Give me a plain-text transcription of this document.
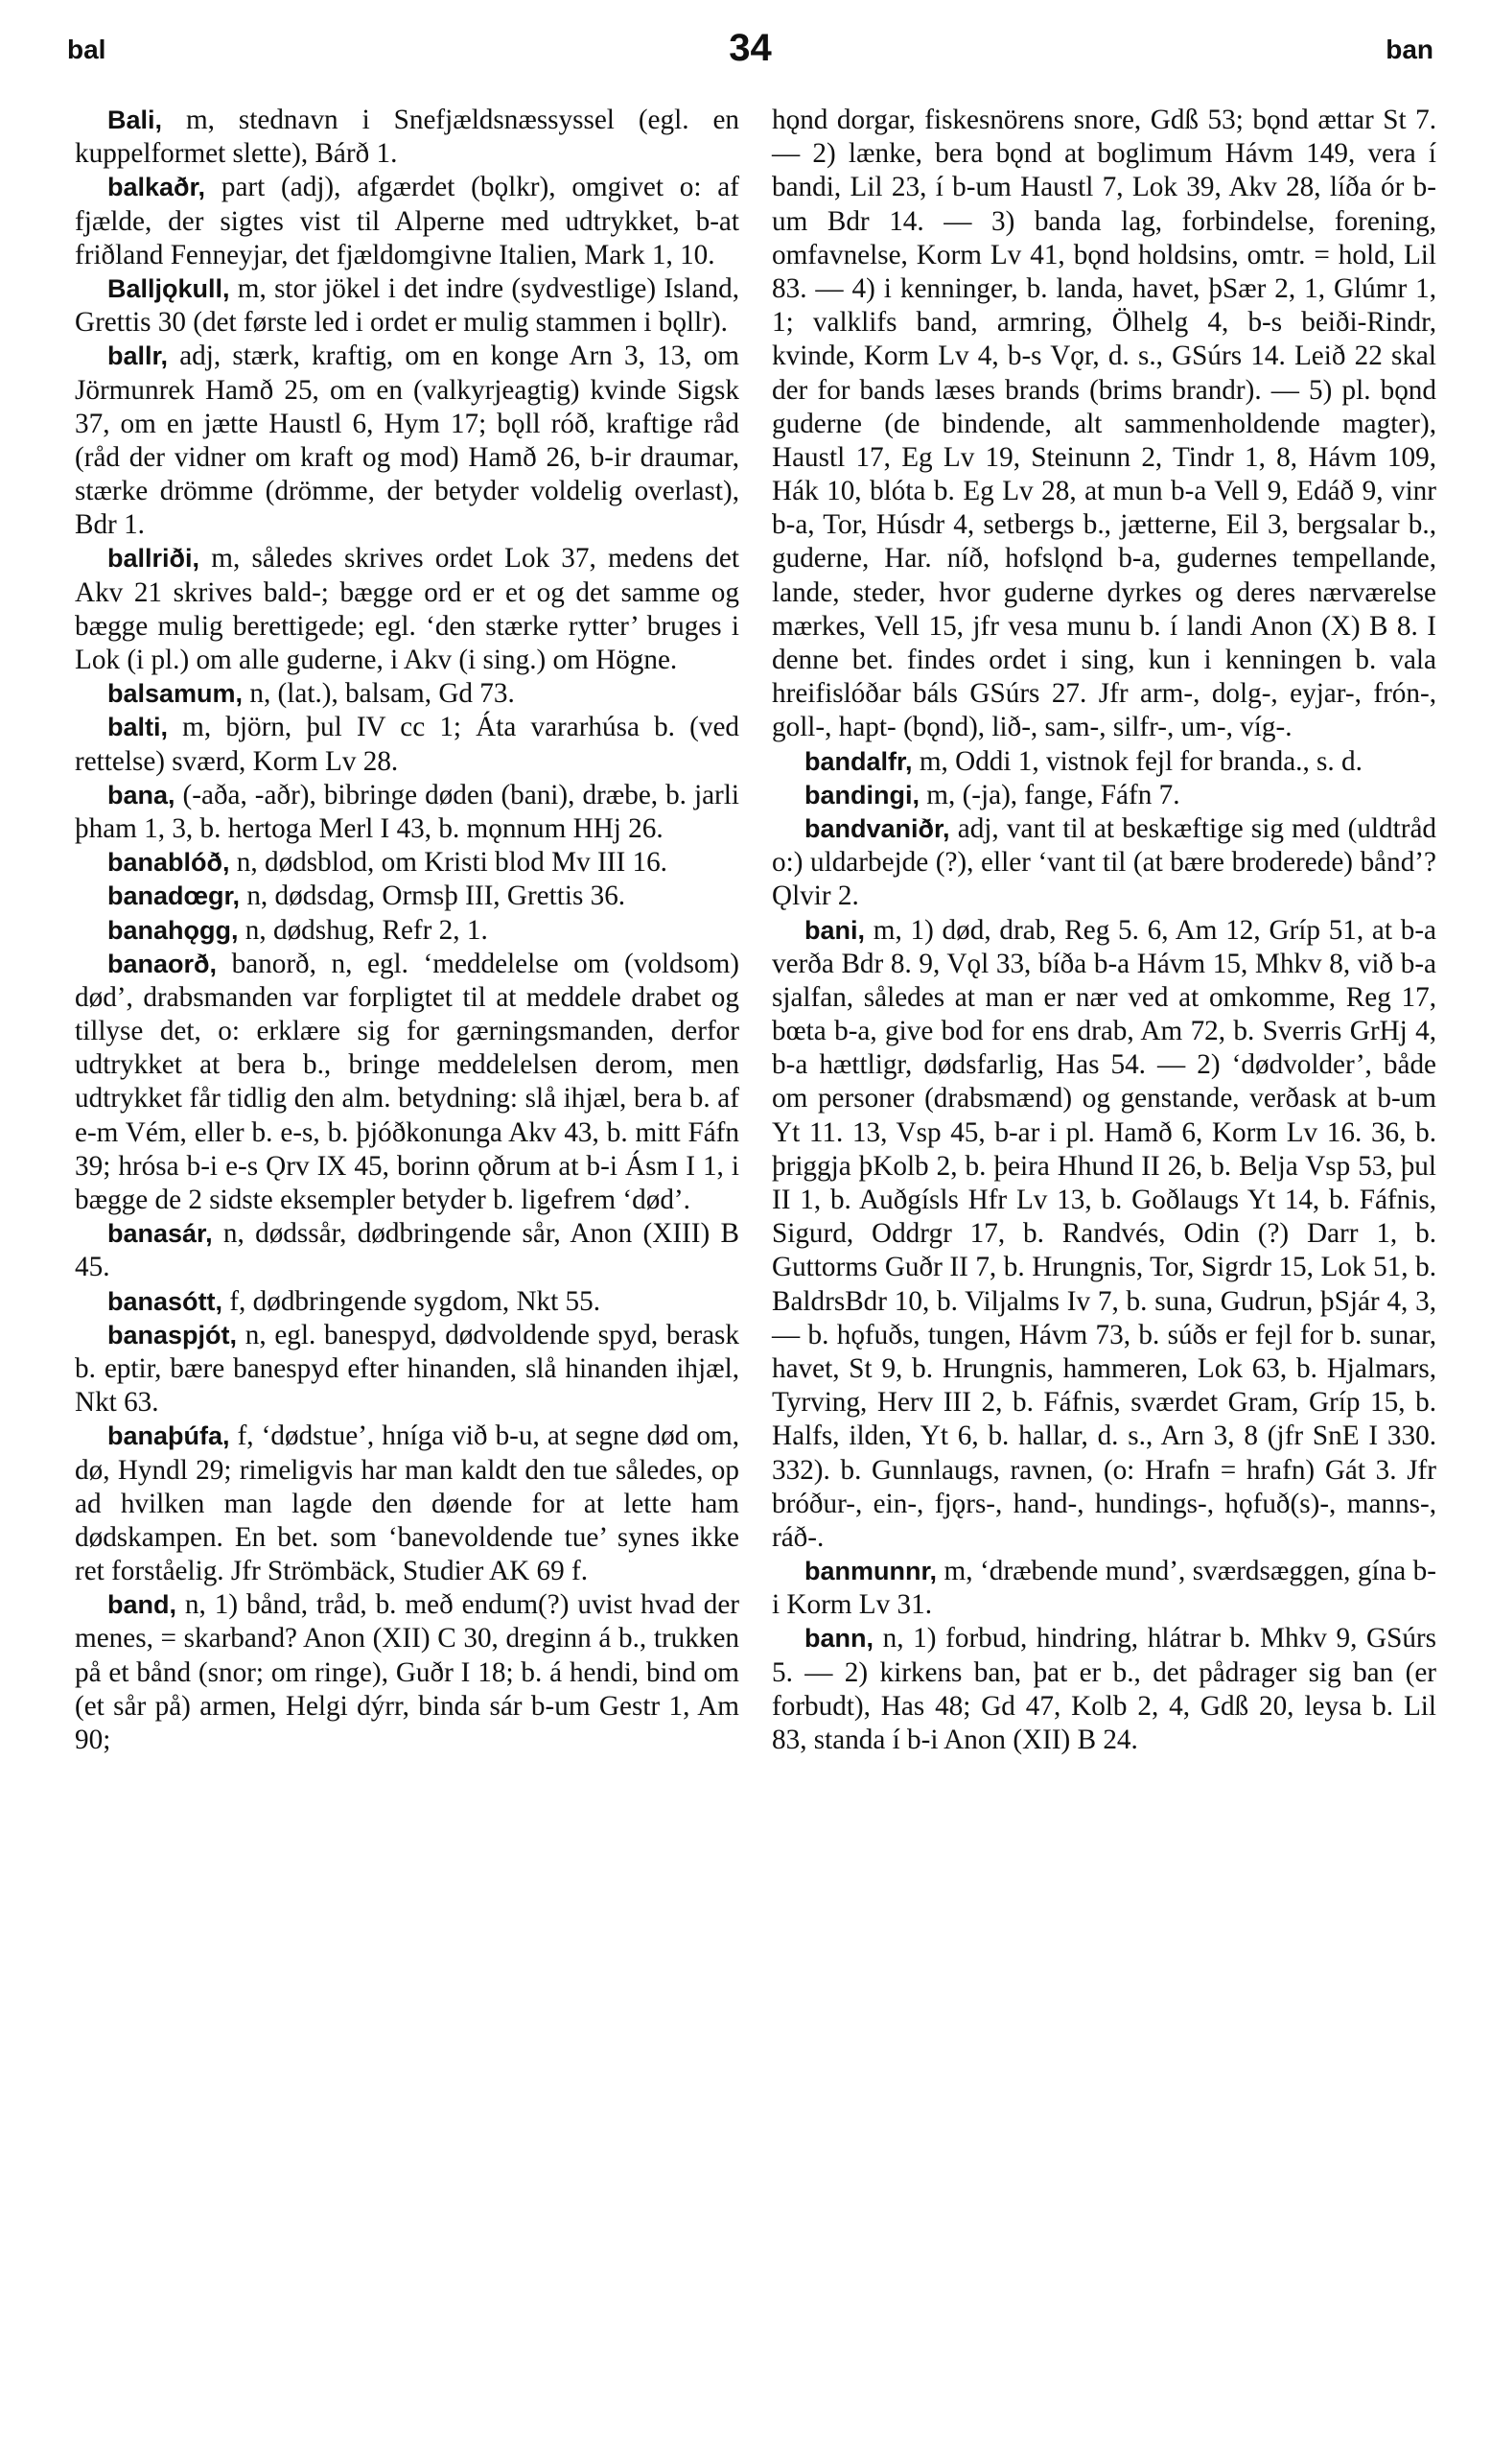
bal	34	ban

Bali, m, stednavn i Snefjældsnæssyssel (egl. en kuppelformet slette), Bárð 1.

balkaðr, part (adj), afgærdet (bǫlkr), omgivet o: af fjælde, der sigtes vist til Alperne med udtrykket, b-at friðland Fenneyjar, det fjældomgivne Italien, Mark 1, 10.

Balljǫkull, m, stor jökel i det indre (sydvestlige) Island, Grettis 30 (det første led i ordet er mulig stammen i bǫllr).

ballr, adj, stærk, kraftig, om en konge Arn 3, 13, om Jörmunrek Hamð 25, om en (valkyrjeagtig) kvinde Sigsk 37, om en jætte Haustl 6, Hym 17; bǫll róð, kraftige råd (råd der vidner om kraft og mod) Hamð 26, b-ir draumar, stærke drömme (drömme, der betyder voldelig overlast), Bdr 1.

ballriði, m, således skrives ordet Lok 37, medens det Akv 21 skrives bald-; bægge ord er et og det samme og bægge mulig berettigede; egl. ‘den stærke rytter’ bruges i Lok (i pl.) om alle guderne, i Akv (i sing.) om Högne.

balsamum, n, (lat.), balsam, Gd 73.

balti, m, björn, þul IV cc 1; Áta vararhúsa b. (ved rettelse) sværd, Korm Lv 28.

bana, (-aða, -aðr), bibringe døden (bani), dræbe, b. jarli þham 1, 3, b. hertoga Merl I 43, b. mǫnnum HHj 26.

banablóð, n, dødsblod, om Kristi blod Mv III 16.

banadœgr, n, dødsdag, Ormsþ III, Grettis 36.

banahǫgg, n, dødshug, Refr 2, 1.

banaorð, banorð, n, egl. ‘meddelelse om (voldsom) død’, drabsmanden var forpligtet til at meddele drabet og tillyse det, o: erklære sig for gærningsmanden, derfor udtrykket at bera b., bringe meddelelsen derom, men udtrykket får tidlig den alm. betydning: slå ihjæl, bera b. af e-m Vém, eller b. e-s, b. þjóðkonunga Akv 43, b. mitt Fáfn 39; hrósa b-i e-s Ǫrv IX 45, borinn ǫðrum at b-i Ásm I 1, i bægge de 2 sidste eksempler betyder b. ligefrem ‘død’.

banasár, n, dødssår, dødbringende sår, Anon (XIII) B 45.

banasótt, f, dødbringende sygdom, Nkt 55.

banaspjót, n, egl. banespyd, dødvoldende spyd, berask b. eptir, bære banespyd efter hinanden, slå hinanden ihjæl, Nkt 63.

banaþúfa, f, ‘dødstue’, hníga við b-u, at segne død om, dø, Hyndl 29; rimeligvis har man kaldt den tue således, op ad hvilken man lagde den døende for at lette ham dødskampen. En bet. som ‘banevoldende tue’ synes ikke ret forståelig. Jfr Strömbäck, Studier AK 69 f.

band, n, 1) bånd, tråd, b. með endum(?) uvist hvad der menes, = skarband? Anon (XII) C 30, dreginn á b., trukken på et bånd (snor; om ringe), Guðr I 18; b. á hendi, bind om (et sår på) armen, Helgi dýrr, binda sár b-um Gestr 1, Am 90;

hǫnd dorgar, fiskesnörens snore, Gdß 53; bǫnd ættar St 7. — 2) lænke, bera bǫnd at boglimum Hávm 149, vera í bandi, Lil 23, í b-um Haustl 7, Lok 39, Akv 28, líða ór b-um Bdr 14. — 3) banda lag, forbindelse, forening, omfavnelse, Korm Lv 41, bǫnd holdsins, omtr. = hold, Lil 83. — 4) i kenninger, b. landa, havet, þSær 2, 1, Glúmr 1, 1; valklifs band, armring, Ölhelg 4, b-s beiði-Rindr, kvinde, Korm Lv 4, b-s Vǫr, d. s., GSúrs 14. Leið 22 skal der for bands læses brands (brims brandr). — 5) pl. bǫnd guderne (de bindende, alt sammenholdende magter), Haustl 17, Eg Lv 19, Steinunn 2, Tindr 1, 8, Hávm 109, Hák 10, blóta b. Eg Lv 28, at mun b-a Vell 9, Edáð 9, vinr b-a, Tor, Húsdr 4, setbergs b., jætterne, Eil 3, bergsalar b., guderne, Har. níð, hofslǫnd b-a, gudernes tempellande, lande, steder, hvor guderne dyrkes og deres nærværelse mærkes, Vell 15, jfr vesa munu b. í landi Anon (X) B 8. I denne bet. findes ordet i sing, kun i kenningen b. vala hreifislóðar báls GSúrs 27. Jfr arm-, dolg-, eyjar-, frón-, goll-, hapt- (bǫnd), lið-, sam-, silfr-, um-, víg-.

bandalfr, m, Oddi 1, vistnok fejl for branda., s. d.

bandingi, m, (-ja), fange, Fáfn 7.

bandvaniðr, adj, vant til at beskæftige sig med (uldtråd o:) uldarbejde (?), eller ‘vant til (at bære broderede) bånd’? Ǫlvir 2.

bani, m, 1) død, drab, Reg 5. 6, Am 12, Gríp 51, at b-a verða Bdr 8. 9, Vǫl 33, bíða b-a Hávm 15, Mhkv 8, við b-a sjalfan, således at man er nær ved at omkomme, Reg 17, bœta b-a, give bod for ens drab, Am 72, b. Sverris GrHj 4, b-a hættligr, dødsfarlig, Has 54. — 2) ‘dødvolder’, både om personer (drabsmænd) og genstande, verðask at b-um Yt 11. 13, Vsp 45, b-ar i pl. Hamð 6, Korm Lv 16. 36, b. þriggja þKolb 2, b. þeira Hhund II 26, b. Belja Vsp 53, þul II 1, b. Auðgísls Hfr Lv 13, b. Goðlaugs Yt 14, b. Fáfnis, Sigurd, Oddrgr 17, b. Randvés, Odin (?) Darr 1, b. Guttorms Guðr II 7, b. Hrungnis, Tor, Sigrdr 15, Lok 51, b. BaldrsBdr 10, b. Viljalms Iv 7, b. suna, Gudrun, þSjár 4, 3, — b. hǫfuðs, tungen, Hávm 73, b. súðs er fejl for b. sunar, havet, St 9, b. Hrungnis, hammeren, Lok 63, b. Hjalmars, Tyrving, Herv III 2, b. Fáfnis, sværdet Gram, Gríp 15, b. Halfs, ilden, Yt 6, b. hallar, d. s., Arn 3, 8 (jfr SnE I 330. 332). b. Gunnlaugs, ravnen, (o: Hrafn = hrafn) Gát 3. Jfr bróður-, ein-, fjǫrs-, hand-, hundings-, hǫfuð(s)-, manns-, ráð-.

banmunnr, m, ‘dræbende mund’, sværdsæggen, gína b-i Korm Lv 31.

bann, n, 1) forbud, hindring, hlátrar b. Mhkv 9, GSúrs 5. — 2) kirkens ban, þat er b., det pådrager sig ban (er forbudt), Has 48; Gd 47, Kolb 2, 4, Gdß 20, leysa b. Lil 83, standa í b-i Anon (XII) B 24.
